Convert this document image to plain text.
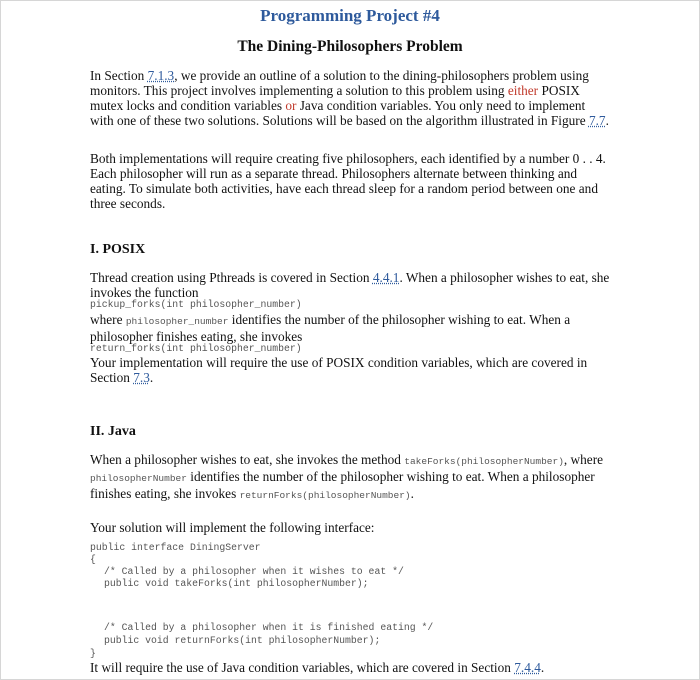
Programming Project #4
The Dining-Philosophers Problem
In Section 7.1.3, we provide an outline of a solution to the dining-philosophers problem using monitors. This project involves implementing a solution to this problem using either POSIX mutex locks and condition variables or Java condition variables. You only need to implement with one of these two solutions. Solutions will be based on the algorithm illustrated in Figure 7.7.
Both implementations will require creating five philosophers, each identified by a number 0 . . 4. Each philosopher will run as a separate thread. Philosophers alternate between thinking and eating. To simulate both activities, have each thread sleep for a random period between one and three seconds.
I. POSIX
Thread creation using Pthreads is covered in Section 4.4.1. When a philosopher wishes to eat, she invokes the function
pickup_forks(int philosopher_number)
where philosopher_number identifies the number of the philosopher wishing to eat. When a philosopher finishes eating, she invokes
return_forks(int philosopher_number)
Your implementation will require the use of POSIX condition variables, which are covered in Section 7.3.
II. Java
When a philosopher wishes to eat, she invokes the method takeForks(philosopherNumber), where philosopherNumber identifies the number of the philosopher wishing to eat. When a philosopher finishes eating, she invokes returnForks(philosopherNumber).
Your solution will implement the following interface:
public interface DiningServer
{
/* Called by a philosopher when it wishes to eat */
public void takeForks(int philosopherNumber);
/* Called by a philosopher when it is finished eating */
public void returnForks(int philosopherNumber);
}
It will require the use of Java condition variables, which are covered in Section 7.4.4.
